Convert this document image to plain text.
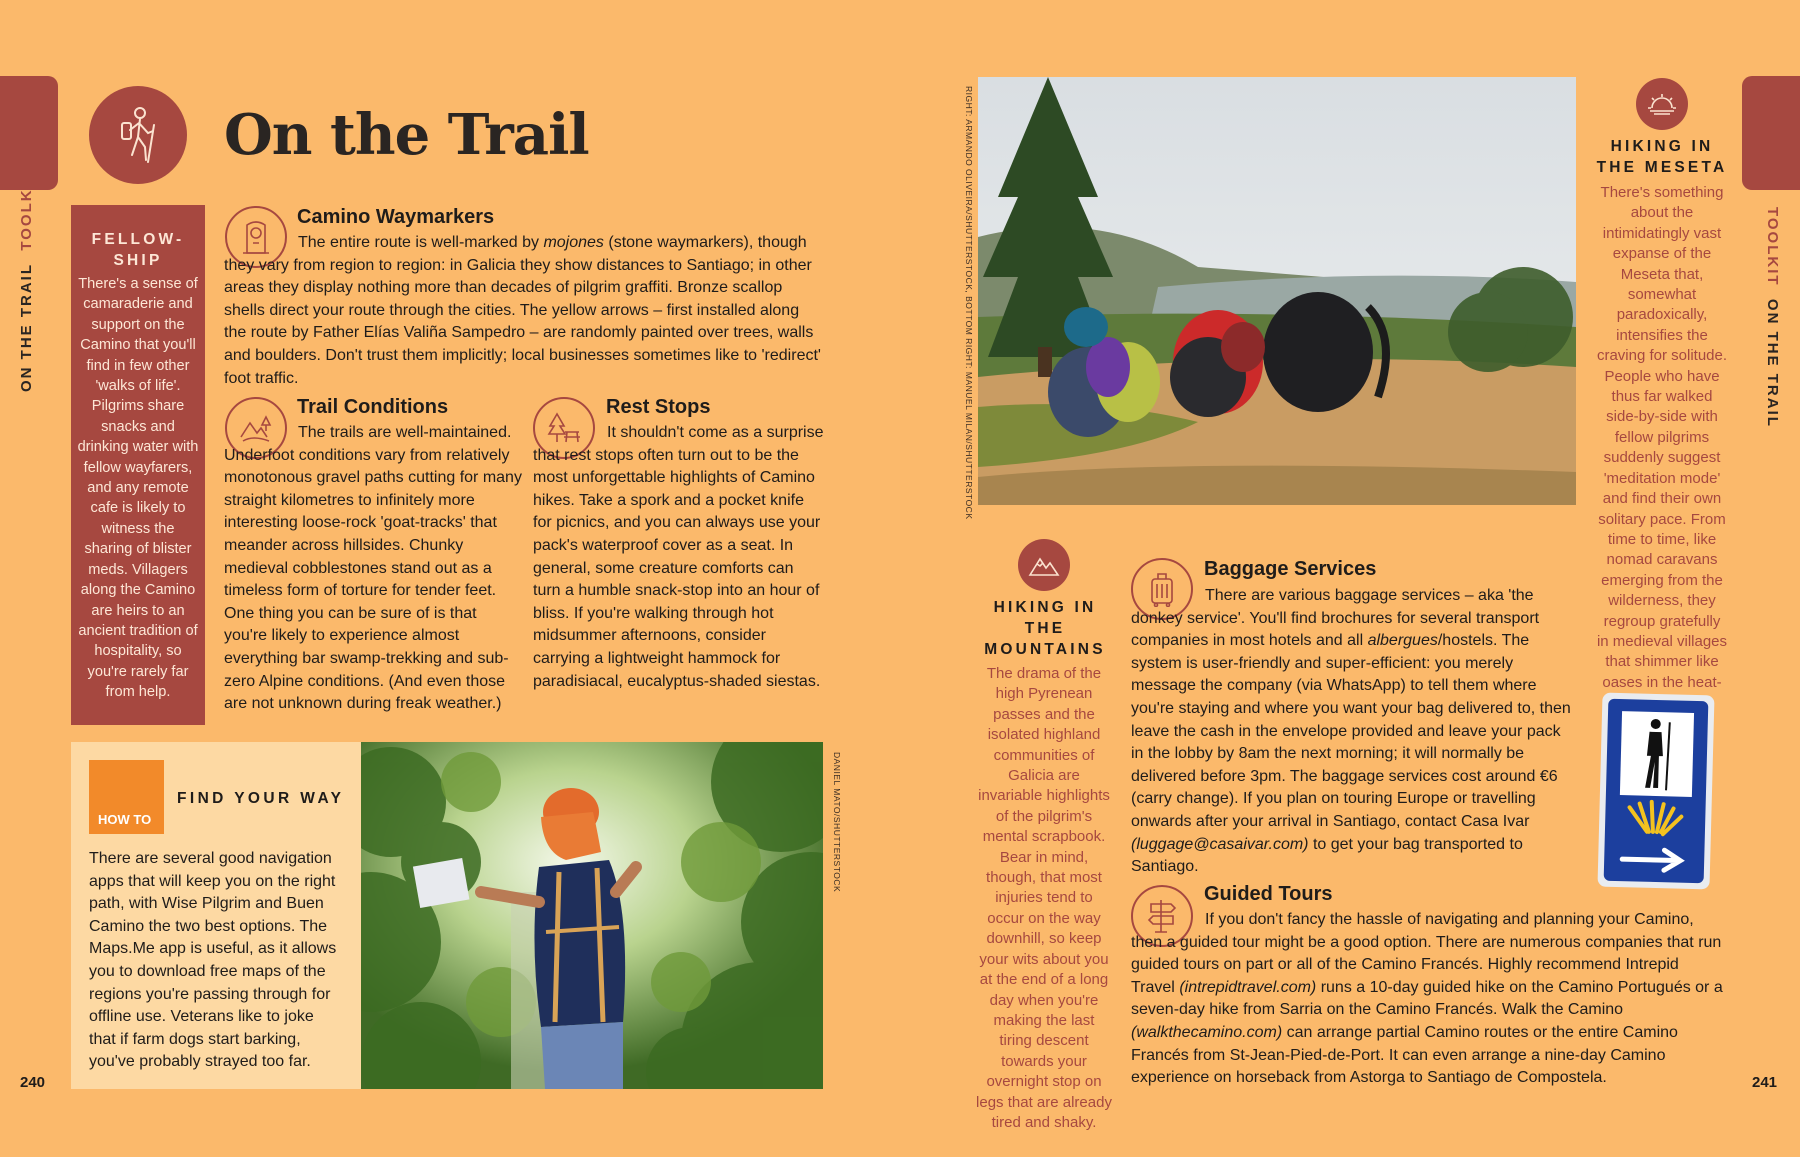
ON THE TRAIL  TOOLKIT
On the Trail
FELLOW-SHIP
There's a sense of camaraderie and support on the Camino that you'll find in few other 'walks of life'. Pilgrims share snacks and drinking water with fellow wayfarers, and any remote cafe is likely to witness the sharing of blister meds. Villagers along the Camino are heirs to an ancient tradition of hospitality, so you're rarely far from help.
Camino Waymarkers

The entire route is well-marked by mojones (stone waymarkers), though they vary from region to region: in Galicia they show distances to Santiago; in other areas they display nothing more than decades of pilgrim graffiti. Bronze scallop shells direct your route through the cities. The yellow arrows – first installed along the route by Father Elías Valiña Sampedro – are randomly painted over trees, walls and boulders. Don't trust them implicitly; local businesses sometimes like to 'redirect' foot traffic.

Trail Conditions

The trails are well-maintained. Underfoot conditions vary from relatively monotonous gravel paths cutting for many straight kilometres to infinitely more interesting loose-rock 'goat-tracks' that meander across hillsides. Chunky medieval cobblestones stand out as a timeless form of torture for tender feet. One thing you can be sure of is that you're likely to experience almost everything bar swamp-trekking and sub-zero Alpine conditions. (And even those are not unknown during freak weather.)

Rest Stops

It shouldn't come as a surprise that rest stops often turn out to be the most unforgettable highlights of Camino hikes. Take a spork and a pocket knife for picnics, and you can always use your pack's waterproof cover as a seat. In general, some creature comforts can turn a humble snack-stop into an hour of bliss. If you're walking through hot midsummer afternoons, consider carrying a lightweight hammock for paradisiacal, eucalyptus-shaded siestas.

HOW TO
FIND YOUR WAY

There are several good navigation apps that will keep you on the right path, with Wise Pilgrim and Buen Camino the two best options. The Maps.Me app is useful, as it allows you to download free maps of the regions you're passing through for offline use. Veterans like to joke that if farm dogs start barking, you've probably strayed too far.

DANIEL MATO/SHUTTERSTOCK
240
RIGHT: ARMANDO OLIVEIRA/SHUTTERSTOCK, BOTTOM RIGHT: MANUEL MILAN/SHUTTERSTOCK	TOOLKIT  ON THE TRAIL
HIKING IN THE MESETA
There's something about the intimidatingly vast expanse of the Meseta that, somewhat paradoxically, intensifies the craving for solitude. People who have thus far walked side-by-side with fellow pilgrims suddenly suggest 'meditation mode' and find their own solitary pace. From time to time, like nomad caravans emerging from the wilderness, they regroup gratefully in medieval villages that shimmer like oases in the heat-
HIKING IN THE MOUNTAINS
The drama of the high Pyrenean passes and the isolated highland communities of Galicia are invariable highlights of the pilgrim's mental scrapbook. Bear in mind, though, that most injuries tend to occur on the way downhill, so keep your wits about you at the end of a long day when you're making the last tiring descent towards your overnight stop on legs that are already tired and shaky.
Baggage Services

There are various baggage services – aka 'the donkey service'. You'll find brochures for several transport companies in most hotels and all albergues/hostels. The system is user-friendly and super-efficient: you merely message the company (via WhatsApp) to tell them where you're staying and where you want your bag delivered to, then leave the cash in the envelope provided and leave your pack in the lobby by 8am the next morning; it will normally be delivered before 3pm. The baggage services cost around €6 (carry change). If you plan on touring Europe or travelling onwards after your arrival in Santiago, contact Casa Ivar (luggage@casaivar.com) to get your bag transported to Santiago.

Guided Tours

If you don't fancy the hassle of navigating and planning your Camino, then a guided tour might be a good option. There are numerous companies that run guided tours on part or all of the Camino Francés. Highly recommend Intrepid Travel (intrepidtravel.com) runs a 10-day guided hike on the Camino Portugués or a seven-day hike from Sarria on the Camino Francés. Walk the Camino (walkthecamino.com) can arrange partial Camino routes or the entire Camino Francés from St-Jean-Pied-de-Port. It can even arrange a nine-day Camino experience on horseback from Astorga to Santiago de Compostela.	241
